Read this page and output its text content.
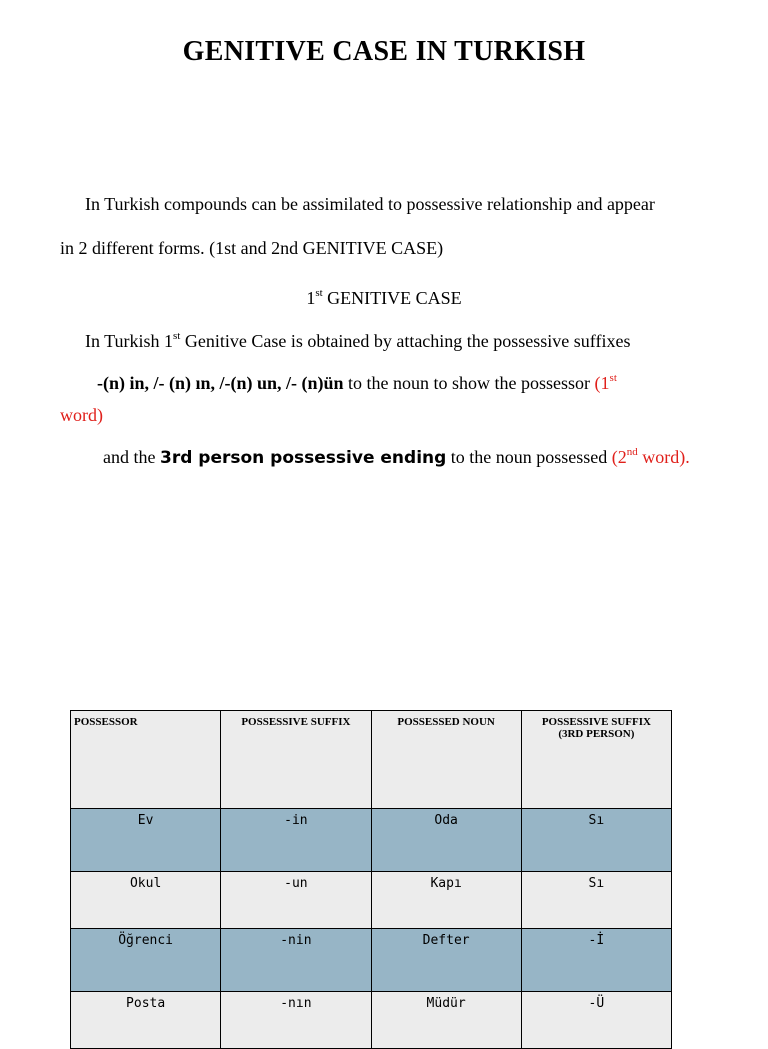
GENITIVE CASE IN TURKISH
In Turkish compounds can be assimilated to possessive relationship and appear
in 2 different forms. (1st and 2nd GENITIVE CASE)
1st GENITIVE CASE
In Turkish 1st Genitive Case is obtained by attaching the possessive suffixes
-(n) in, /- (n) ın, /-(n) un, /- (n)ün to the noun to show the possessor (1st
word)
and the 3rd person possessive ending to the noun possessed (2nd word).
POSSESSOR	POSSESSIVE SUFFIX	POSSESSED NOUN	POSSESSIVE SUFFIX
(3RD PERSON)
Ev	-in	Oda	Sı
Okul	-un	Kapı	Sı
Öğrenci	-nin	Defter	-İ
Posta	-nın	Müdür	-Ü
